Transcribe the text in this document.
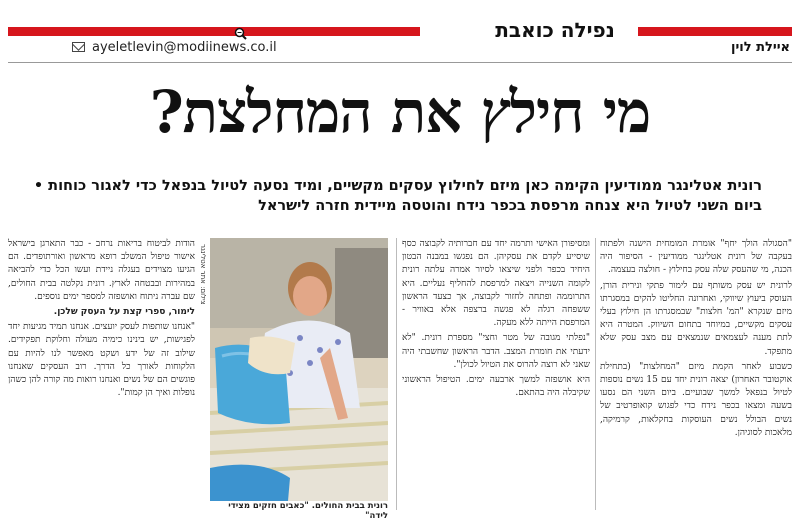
נפילה כואבת
איילת לוין
ayeletlevin@modiinews.co.il
מי חילץ את המחלצת?
רונית אטלינגר ממודיעין הקימה כאן מיזם לחילוץ עסקים מקשיים, ומיד נסעה לטיול בנפאל כדי לאגור כוחות • ביום השני לטיול היא צנחה מרפסת בכפר נידח והוטסה מיידית חזרה לישראל

"הסגולה הולך יחף" אומרת המומחית הישנה ולפתוח בעקבה של רונית אטלינגר ממודיעין - הסיפור היה הכנה, מי שהעסק שלה עסק בחילוץ - חולצה בעצמה.

לרונית יש עסק משותף עם לימור פתקי ונירית הורן, העוסק ביעוץ שיווקי, ואחרונה החליטו להקים במסגרתו מיזם שנקרא "המ' חלצות" שבמסגרתו הן חילוץ בעלי עסקים מקשיים, במיוחד בתחום השיווק. המטרה היא לתת מענה לעצמאים שנמצאים עם מצב עסק שלא מתפקד.

כשבוע לאחר הקמת מיזם "המחלצות" (בתחילת אוקטובר האחרון) יצאה רונית יחד עם 15 נשים נוספות לטיול בנפאל למשך שבועיים. ביום השני הם נסעו בשעה ומצאו בכפר נידח כדי לפגוש קואופרטיב של נשים הבולל נשים העוסקות בחקלאות, קרמיקה, מלאכות לסוגיהן.

ומסיפורן האישי ותרמה יחד עם חברותיה לקבוצה כסף שיסייע לקדם את עסקיהן. הם נפגשו במבנה הבטון היחיד בכפר ולפני שיצאו לסיור אמרה עלתה רונית לקומה השנייה ויצאה למרפסת להחליף נעליים. היא התרוממה ופתחה לחזור לקבוצה, אך כצעד הראשון ששפחה רגלה לא פגשה ברצפה אלא באוויר - המרפסת הייתה ללא מעקה.

"נפלתי מגובה של מטר וחצי" מספרת רונית. "לא ידעתי את חומרת המצב. הדבר הראשון שחשבתי היה שאני לא רוצה להרוס את הטיול לכולן".

היא אושפזה למשך ארבעה ימים. הטיפול הראשוני שקיבלה היה בהתאם.

צילום: אתר אטלינגר
רונית בבית החולים. "כאבים חזקים מצידי לידה"

הודות לביטוח בריאות נרחב - כבר התארגן בישראל אישור טיפול המשלב רופא מראשון ואורתופדים. הם הגיעו מצוידים בעגלה ניידת ועשו הכל כדי להביאה במהירות ובבטחה לארץ. רונית נקלטה בבית החולים, שם עברה ניתוח ואושפזה למספר ימים נוספים.

לימור, ספרי קצת על העסק שלכן.

"אנחנו שותפות לעסק יועצים. אנחנו תמיד מגיעות יחד לפגישות, יש בינינו כימיה מעולה וחלוקת תפקידים. שילוב זה של ידע ושקט מאפשר לנו להיות עם הלקוחות לאורך כל הדרך. רוב העסקים שאנחנו פוגשים הם של נשים ואנחנו רואות מה קורה להן כשהן נופלות ואיך הן קמות".
